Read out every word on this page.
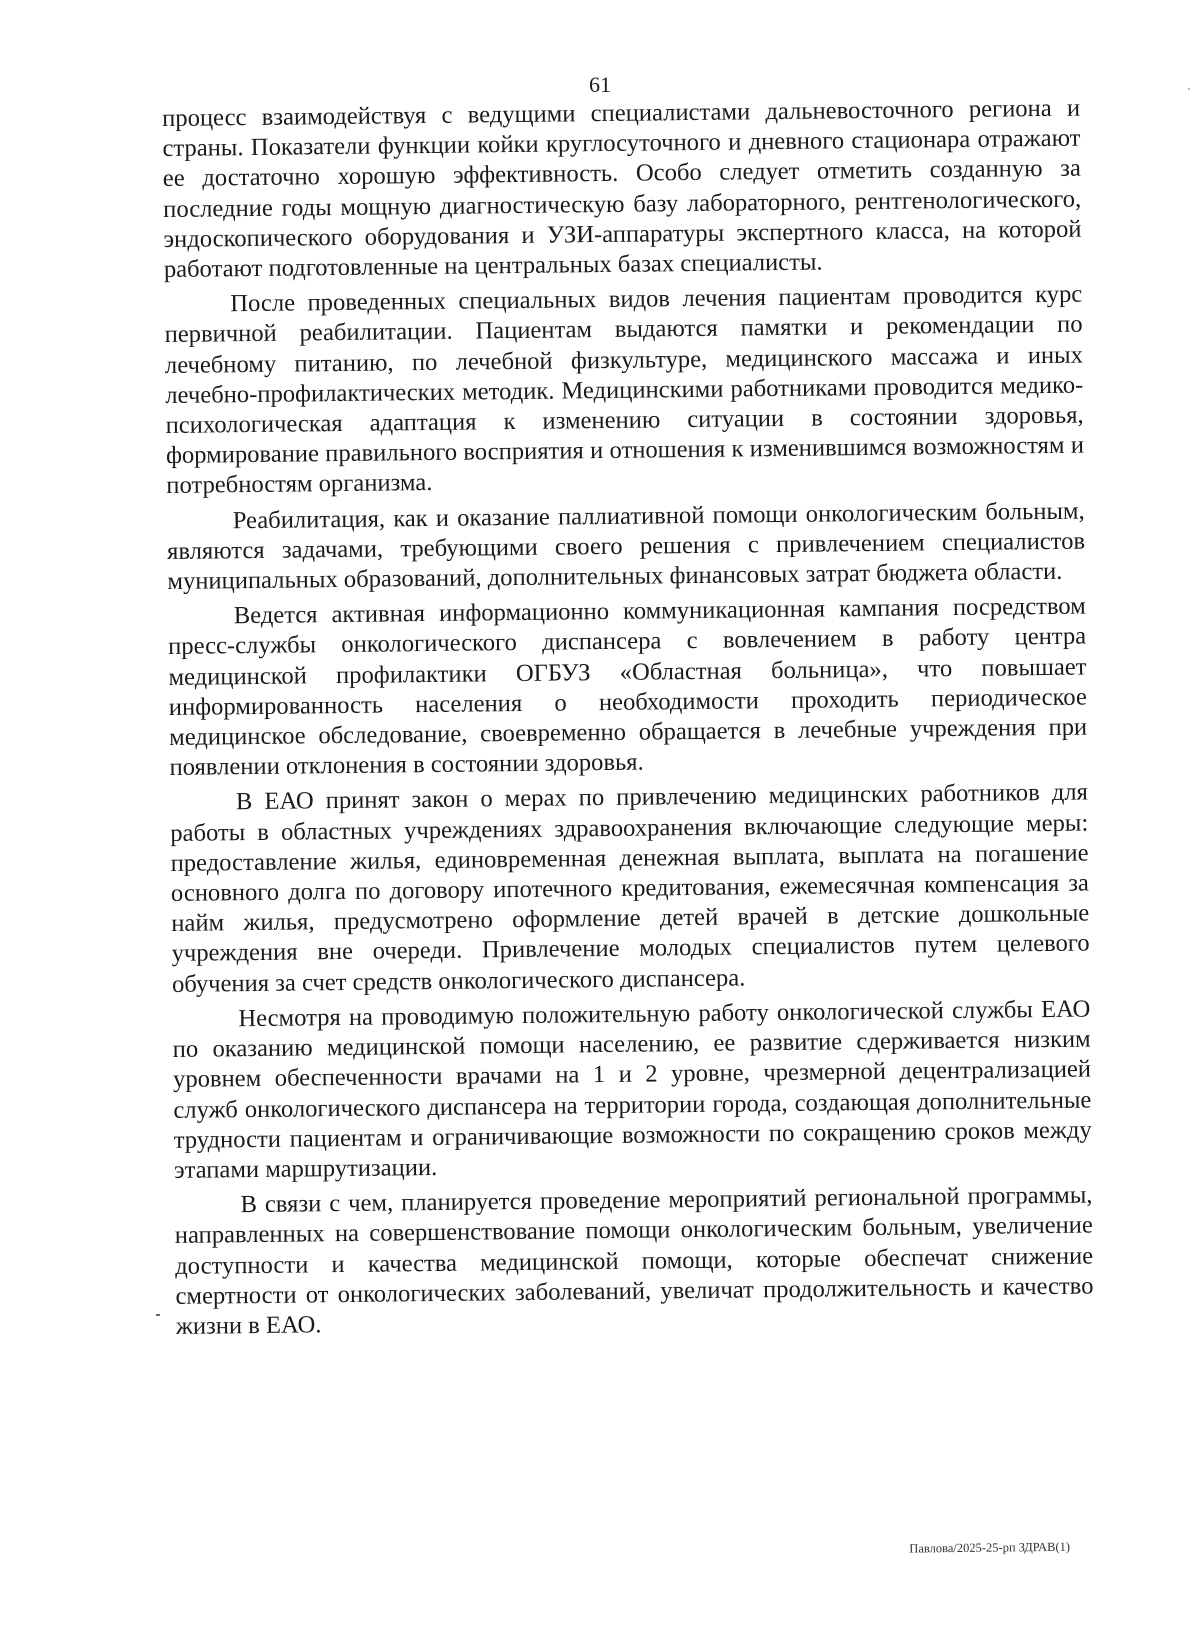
61

процесс взаимодействуя с ведущими специалистами дальневосточного региона и страны. Показатели функции койки круглосуточного и дневного стационара отражают ее достаточно хорошую эффективность. Особо следует отметить созданную за последние годы мощную диагностическую базу лабораторного, рентгенологического, эндоскопического оборудования и УЗИ-аппаратуры экспертного класса, на которой работают подготовленные на центральных базах специалисты.

После проведенных специальных видов лечения пациентам проводится курс первичной реабилитации. Пациентам выдаются памятки и рекомендации по лечебному питанию, по лечебной физкультуре, медицинского массажа и иных лечебно-профилактических методик. Медицинскими работниками проводится медико-психологическая адаптация к изменению ситуации в состоянии здоровья, формирование правильного восприятия и отношения к изменившимся возможностям и потребностям организма.

Реабилитация, как и оказание паллиативной помощи онкологическим больным, являются задачами, требующими своего решения с привлечением специалистов муниципальных образований, дополнительных финансовых затрат бюджета области.

Ведется активная информационно коммуникационная кампания посредством пресс-службы онкологического диспансера с вовлечением в работу центра медицинской профилактики ОГБУЗ «Областная больница», что повышает информированность населения о необходимости проходить периодическое медицинское обследование, своевременно обращается в лечебные учреждения при появлении отклонения в состоянии здоровья.

В ЕАО принят закон о мерах по привлечению медицинских работников для работы в областных учреждениях здравоохранения включающие следующие меры: предоставление жилья, единовременная денежная выплата, выплата на погашение основного долга по договору ипотечного кредитования, ежемесячная компенсация за найм жилья, предусмотрено оформление детей врачей в детские дошкольные учреждения вне очереди. Привлечение молодых специалистов путем целевого обучения за счет средств онкологического диспансера.

Несмотря на проводимую положительную работу онкологической службы ЕАО по оказанию медицинской помощи населению, ее развитие сдерживается низким уровнем обеспеченности врачами на 1 и 2 уровне, чрезмерной децентрализацией служб онкологического диспансера на территории города, создающая дополнительные трудности пациентам и ограничивающие возможности по сокращению сроков между этапами маршрутизации.

В связи с чем, планируется проведение мероприятий региональной программы, направленных на совершенствование помощи онкологическим больным, увеличение доступности и качества медицинской помощи, которые обеспечат снижение смертности от онкологических заболеваний, увеличат продолжительность и качество жизни в ЕАО.

Павлова/2025-25-рп ЗДРАВ(1)
